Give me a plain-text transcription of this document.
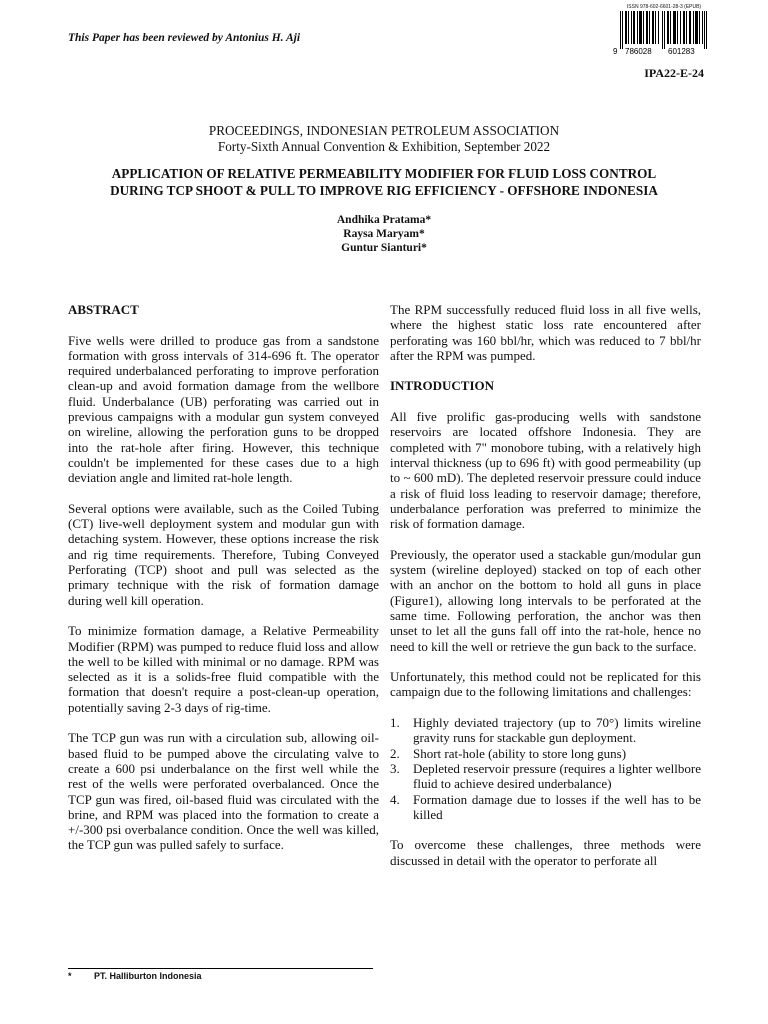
This Paper has been reviewed by Antonius H. Aji
ISSN 978-602-6601-28-3 (EPUB)
9 786028 601283
IPA22-E-24
PROCEEDINGS, INDONESIAN PETROLEUM ASSOCIATION
Forty-Sixth Annual Convention & Exhibition, September 2022
APPLICATION OF RELATIVE PERMEABILITY MODIFIER FOR FLUID LOSS CONTROL
DURING TCP SHOOT & PULL TO IMPROVE RIG EFFICIENCY - OFFSHORE INDONESIA
Andhika Pratama*
Raysa Maryam*
Guntur Sianturi*
ABSTRACT

Five wells were drilled to produce gas from a sandstone formation with gross intervals of 314-696 ft. The operator required underbalanced perforating to improve perforation clean-up and avoid formation damage from the wellbore fluid. Underbalance (UB) perforating was carried out in previous campaigns with a modular gun system conveyed on wireline, allowing the perforation guns to be dropped into the rat-hole after firing. However, this technique couldn't be implemented for these cases due to a high deviation angle and limited rat-hole length.

Several options were available, such as the Coiled Tubing (CT) live-well deployment system and modular gun with detaching system. However, these options increase the risk and rig time requirements. Therefore, Tubing Conveyed Perforating (TCP) shoot and pull was selected as the primary technique with the risk of formation damage during well kill operation.

To minimize formation damage, a Relative Permeability Modifier (RPM) was pumped to reduce fluid loss and allow the well to be killed with minimal or no damage. RPM was selected as it is a solids-free fluid compatible with the formation that doesn't require a post-clean-up operation, potentially saving 2-3 days of rig-time.

The TCP gun was run with a circulation sub, allowing oil-based fluid to be pumped above the circulating valve to create a 600 psi underbalance on the first well while the rest of the wells were perforated overbalanced. Once the TCP gun was fired, oil-based fluid was circulated with the brine, and RPM was placed into the formation to create a +/-300 psi overbalance condition. Once the well was killed, the TCP gun was pulled safely to surface.

The RPM successfully reduced fluid loss in all five wells, where the highest static loss rate encountered after perforating was 160 bbl/hr, which was reduced to 7 bbl/hr after the RPM was pumped.

INTRODUCTION

All five prolific gas-producing wells with sandstone reservoirs are located offshore Indonesia. They are completed with 7" monobore tubing, with a relatively high interval thickness (up to 696 ft) with good permeability (up to ~ 600 mD). The depleted reservoir pressure could induce a risk of fluid loss leading to reservoir damage; therefore, underbalance perforation was preferred to minimize the risk of formation damage.

Previously, the operator used a stackable gun/modular gun system (wireline deployed) stacked on top of each other with an anchor on the bottom to hold all guns in place (Figure1), allowing long intervals to be perforated at the same time. Following perforation, the anchor was then unset to let all the guns fall off into the rat-hole, hence no need to kill the well or retrieve the gun back to the surface.

Unfortunately, this method could not be replicated for this campaign due to the following limitations and challenges:

1. Highly deviated trajectory (up to 70°) limits wireline gravity runs for stackable gun deployment.
2. Short rat-hole (ability to store long guns)
3. Depleted reservoir pressure (requires a lighter wellbore fluid to achieve desired underbalance)
4. Formation damage due to losses if the well has to be killed

To overcome these challenges, three methods were discussed in detail with the operator to perforate all

* PT. Halliburton Indonesia
